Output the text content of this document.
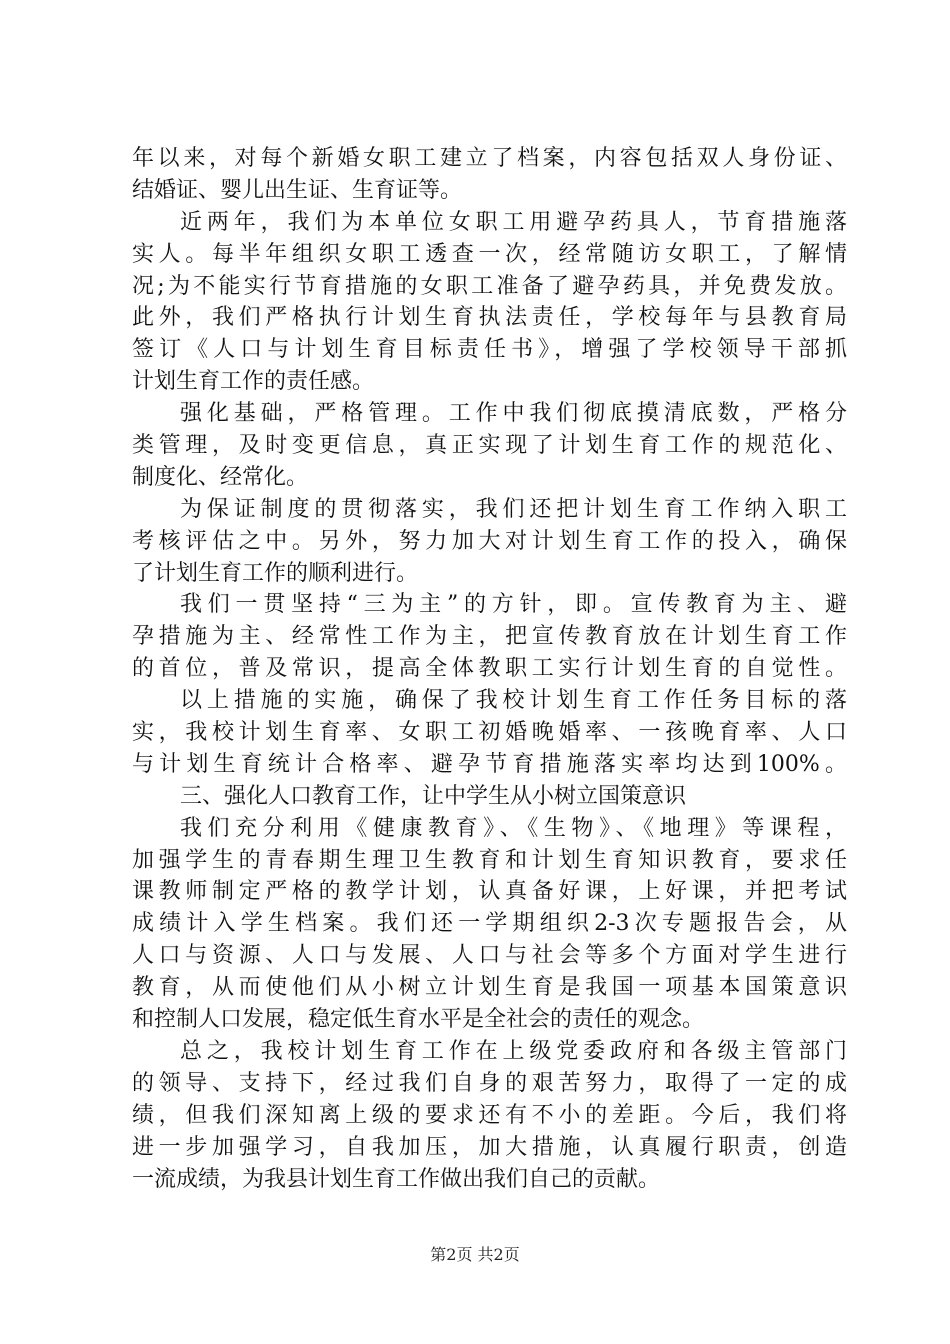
年以来，对每个新婚女职工建立了档案，内容包括双人身份证、
结婚证、婴儿出生证、生育证等。
近两年，我们为本单位女职工用避孕药具人，节育措施落
实人。每半年组织女职工透查一次，经常随访女职工，了解情
况;为不能实行节育措施的女职工准备了避孕药具，并免费发放。
此外，我们严格执行计划生育执法责任，学校每年与县教育局
签订《人口与计划生育目标责任书》，增强了学校领导干部抓
计划生育工作的责任感。
强化基础，严格管理。工作中我们彻底摸清底数，严格分
类管理，及时变更信息，真正实现了计划生育工作的规范化、
制度化、经常化。
为保证制度的贯彻落实，我们还把计划生育工作纳入职工
考核评估之中。另外，努力加大对计划生育工作的投入，确保
了计划生育工作的顺利进行。
我们一贯坚持“三为主”的方针，即。宣传教育为主、避
孕措施为主、经常性工作为主，把宣传教育放在计划生育工作
的首位，普及常识，提高全体教职工实行计划生育的自觉性。
以上措施的实施，确保了我校计划生育工作任务目标的落
实，我校计划生育率、女职工初婚晚婚率、一孩晚育率、人口
与计划生育统计合格率、避孕节育措施落实率均达到100%。
三、强化人口教育工作，让中学生从小树立国策意识
我们充分利用《健康教育》、《生物》、《地理》等课程，
加强学生的青春期生理卫生教育和计划生育知识教育，要求任
课教师制定严格的教学计划，认真备好课，上好课，并把考试
成绩计入学生档案。我们还一学期组织2-3次专题报告会，从
人口与资源、人口与发展、人口与社会等多个方面对学生进行
教育，从而使他们从小树立计划生育是我国一项基本国策意识
和控制人口发展，稳定低生育水平是全社会的责任的观念。
总之，我校计划生育工作在上级党委政府和各级主管部门
的领导、支持下，经过我们自身的艰苦努力，取得了一定的成
绩，但我们深知离上级的要求还有不小的差距。今后，我们将
进一步加强学习，自我加压，加大措施，认真履行职责，创造
一流成绩，为我县计划生育工作做出我们自己的贡献。
第2页 共2页
